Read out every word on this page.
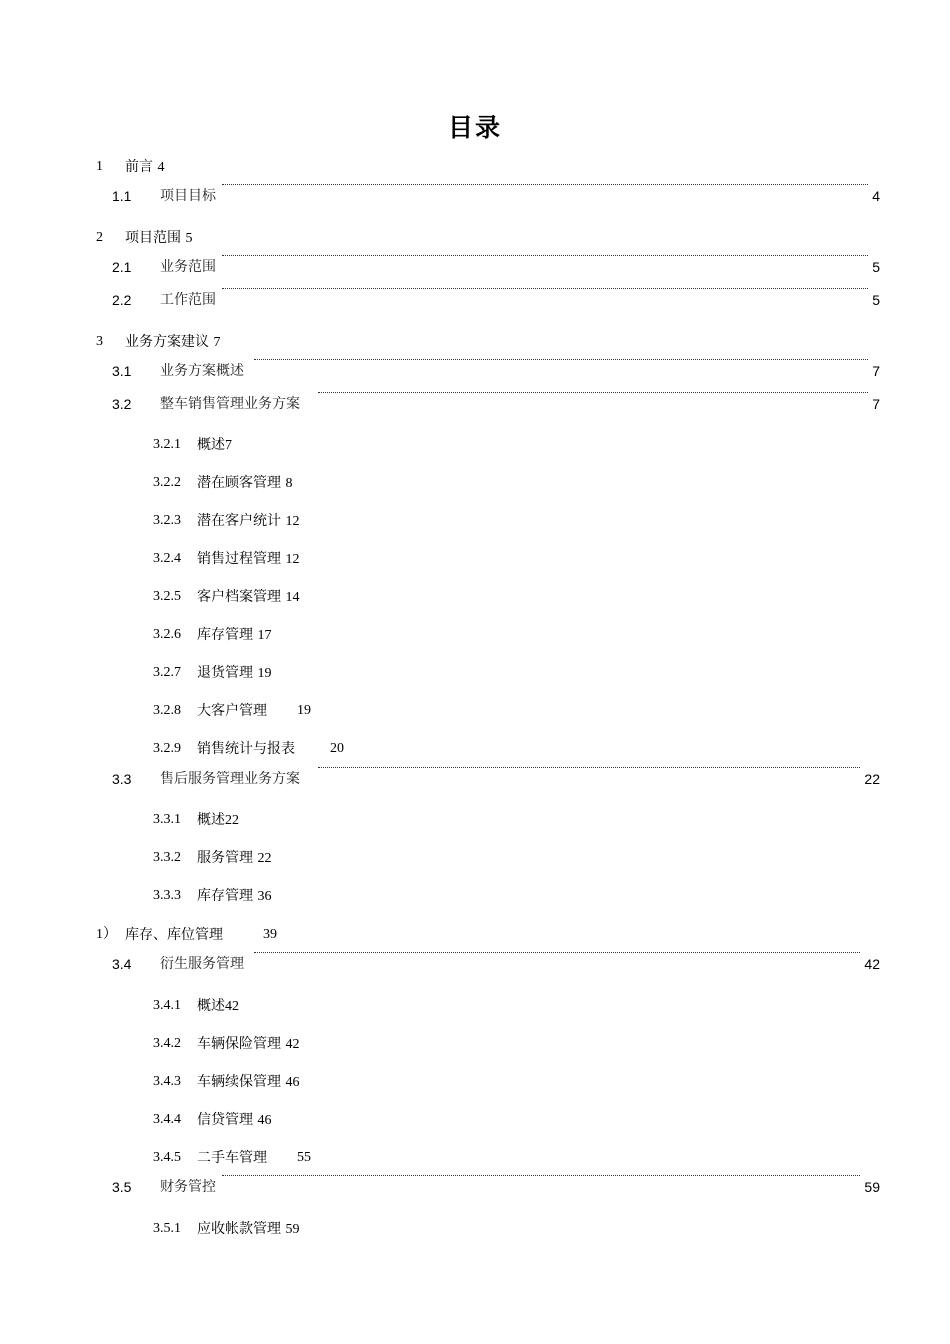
目录
1 前言 4
1.1 项目目标	4
2 项目范围 5
2.1 业务范围	5
2.2 工作范围	5
3 业务方案建议 7
3.1 业务方案概述	7
3.2 整车销售管理业务方案	7
3.2.1 概述7
3.2.2 潜在顾客管理 8
3.2.3 潜在客户统计 12
3.2.4 销售过程管理 12
3.2.5 客户档案管理 14
3.2.6 库存管理 17
3.2.7 退货管理 19
3.2.8 大客户管理 19
3.2.9 销售统计与报表	20
3.3 售后服务管理业务方案	22
3.3.1 概述22
3.3.2 服务管理 22
3.3.3 库存管理 36
1） 库存、库位管理	39
3.4 衍生服务管理	42
3.4.1 概述42
3.4.2 车辆保险管理 42
3.4.3 车辆续保管理 46
3.4.4 信贷管理 46
3.4.5 二手车管理 55
3.5 财务管控	59
3.5.1 应收帐款管理 59
